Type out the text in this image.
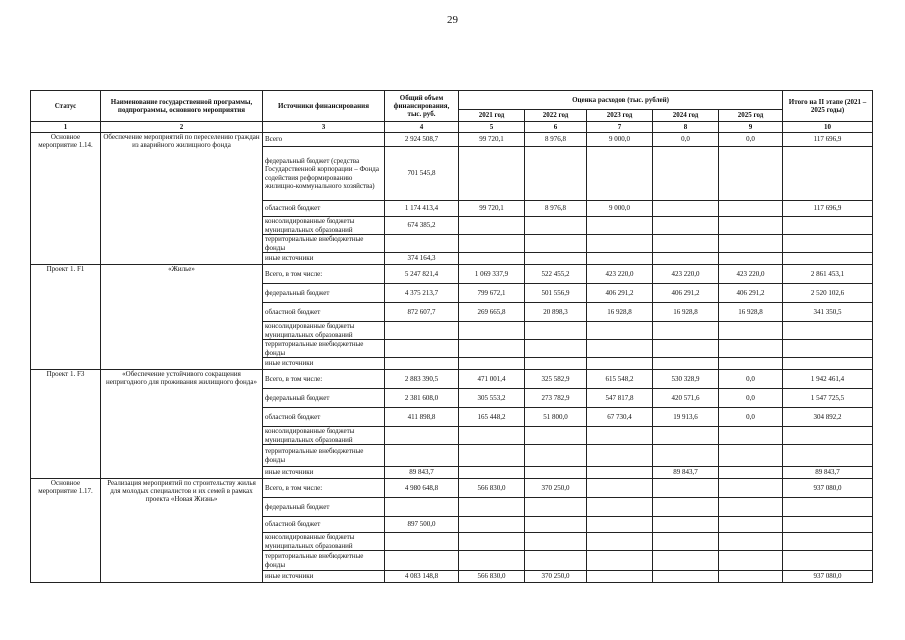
29
Статус	Наименование государственной программы, подпрограммы, основного мероприятия	Источники финансирования	Общий объем финансирования, тыс. руб.	Оценка расходов (тыс. рублей)					Итого на II этапе (2021 – 2025 годы)
				2021 год	2022 год	2023 год	2024 год	2025 год	
1	2	3	4	5	6	7	8	9	10
Основное мероприятие 1.14.	Обеспечение мероприятий по переселению граждан из аварийного жилищного фонда	Всего	2 924 508,7	99 720,1	8 976,8	9 000,0	0,0	0,0	117 696,9
		федеральный бюджет (средства Государственной корпорации – Фонда содействия реформированию жилищно-коммунального хозяйства)	701 545,8						
		областной бюджет	1 174 413,4	99 720,1	8 976,8	9 000,0			117 696,9
		консолидированные бюджеты муниципальных образований	674 385,2						
		территориальные внебюджетные фонды							
		иные источники	374 164,3						
Проект 1. F1	«Жилье»	Всего, в том числе:	5 247 821,4	1 069 337,9	522 455,2	423 220,0	423 220,0	423 220,0	2 861 453,1
		федеральный бюджет	4 375 213,7	799 672,1	501 556,9	406 291,2	406 291,2	406 291,2	2 520 102,6
		областной бюджет	872 607,7	269 665,8	20 898,3	16 928,8	16 928,8	16 928,8	341 350,5
		консолидированные бюджеты муниципальных образований							
		территориальные внебюджетные фонды							
		иные источники							
Проект 1. F3	«Обеспечение устойчивого сокращения непригодного для проживания жилищного фонда»	Всего, в том числе:	2 883 390,5	471 001,4	325 582,9	615 548,2	530 328,9	0,0	1 942 461,4
		федеральный бюджет	2 381 608,0	305 553,2	273 782,9	547 817,8	420 571,6	0,0	1 547 725,5
		областной бюджет	411 898,8	165 448,2	51 800,0	67 730,4	19 913,6	0,0	304 892,2
		консолидированные бюджеты муниципальных образований							
		территориальные внебюджетные фонды							
		иные источники	89 843,7				89 843,7		89 843,7
Основное мероприятие 1.17.	Реализация мероприятий по строительству жилья для молодых специалистов и их семей в рамках проекта «Новая Жизнь»	Всего, в том числе:	4 980 648,8	566 830,0	370 250,0				937 080,0
		федеральный бюджет							
		областной бюджет	897 500,0						
		консолидированные бюджеты муниципальных образований							
		территориальные внебюджетные фонды							
		иные источники	4 083 148,8	566 830,0	370 250,0				937 080,0
